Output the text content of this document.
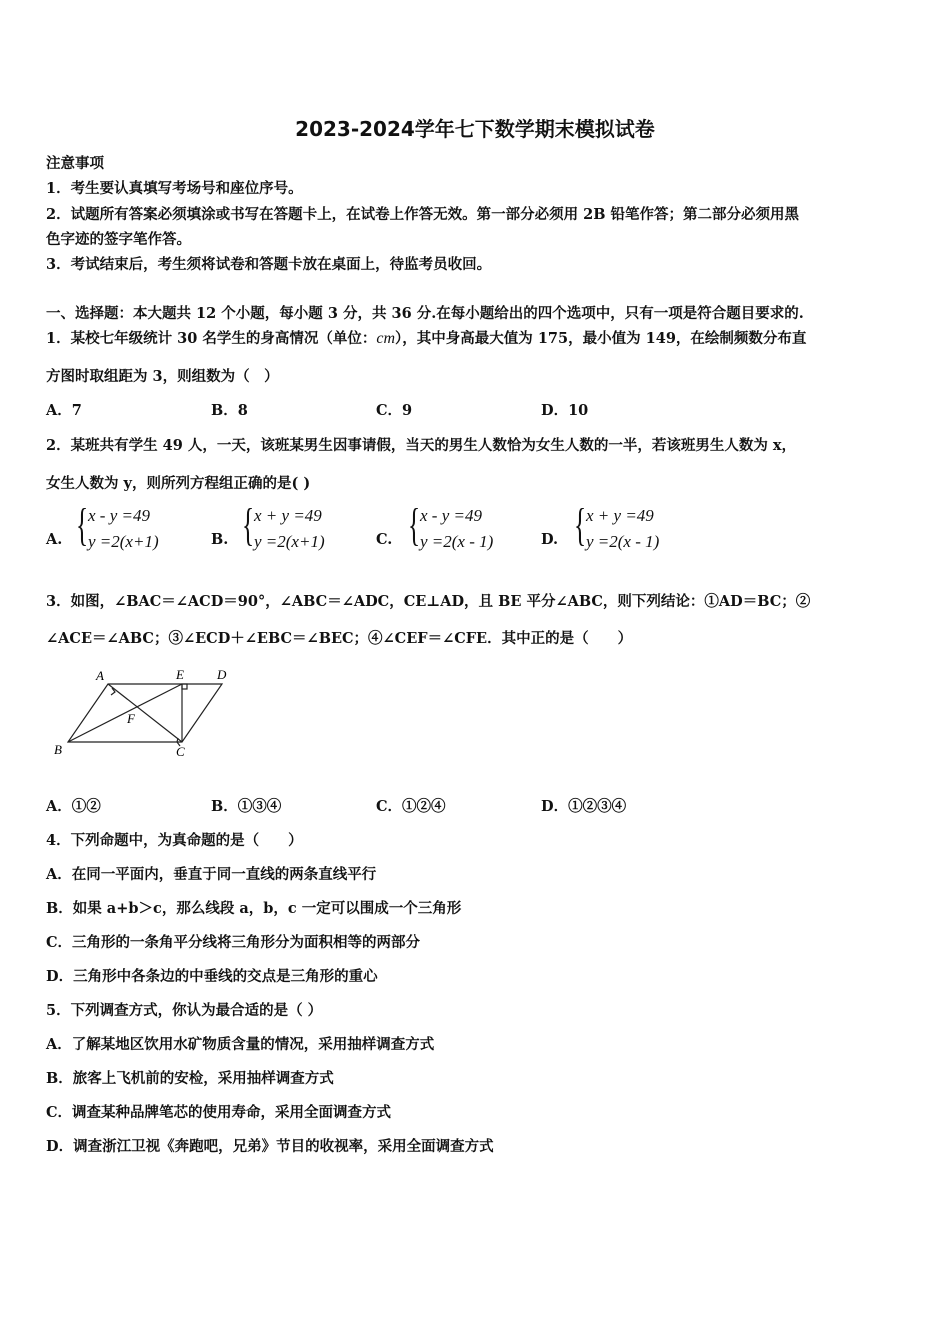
2023-2024学年七下数学期末模拟试卷
注意事项
1．考生要认真填写考场号和座位序号。
2．试题所有答案必须填涂或书写在答题卡上，在试卷上作答无效。第一部分必须用 2B 铅笔作答；第二部分必须用黑
色字迹的签字笔作答。
3．考试结束后，考生须将试卷和答题卡放在桌面上，待监考员收回。
一、选择题：本大题共 12 个小题，每小题 3 分，共 36 分.在每小题给出的四个选项中，只有一项是符合题目要求的.
1．某校七年级统计 30 名学生的身高情况（单位：cm），其中身高最大值为 175，最小值为 149，在绘制频数分布直
方图时取组距为 3，则组数为（　）
A．7	B．8	C．9	D．10
2．某班共有学生 49 人，一天，该班某男生因事请假，当天的男生人数恰为女生人数的一半，若该班男生人数为 x，
女生人数为 y，则所列方程组正确的是( )
A. { x - y =49
y =2(x+1)	B. { x + y =49
y =2(x+1)	C. { x - y =49
y =2(x - 1)	D. { x + y =49
y =2(x - 1)
3．如图，∠BAC＝∠ACD＝90°，∠ABC＝∠ADC，CE⊥AD，且 BE 平分∠ABC，则下列结论：①AD＝BC；②
∠ACE＝∠ABC；③∠ECD＋∠EBC＝∠BEC；④∠CEF＝∠CFE．其中正的是（　　）
A	E	D
F
B	C
A．①②	B．①③④	C．①②④	D．①②③④
4．下列命题中，为真命题的是（　　）
A．在同一平面内，垂直于同一直线的两条直线平行
B．如果 a+b＞c，那么线段 a，b，c 一定可以围成一个三角形
C．三角形的一条角平分线将三角形分为面积相等的两部分
D．三角形中各条边的中垂线的交点是三角形的重心
5．下列调查方式，你认为最合适的是（ ）
A．了解某地区饮用水矿物质含量的情况，采用抽样调查方式
B．旅客上飞机前的安检，采用抽样调查方式
C．调查某种品牌笔芯的使用寿命，采用全面调查方式
D．调查浙江卫视《奔跑吧，兄弟》节目的收视率，采用全面调查方式
